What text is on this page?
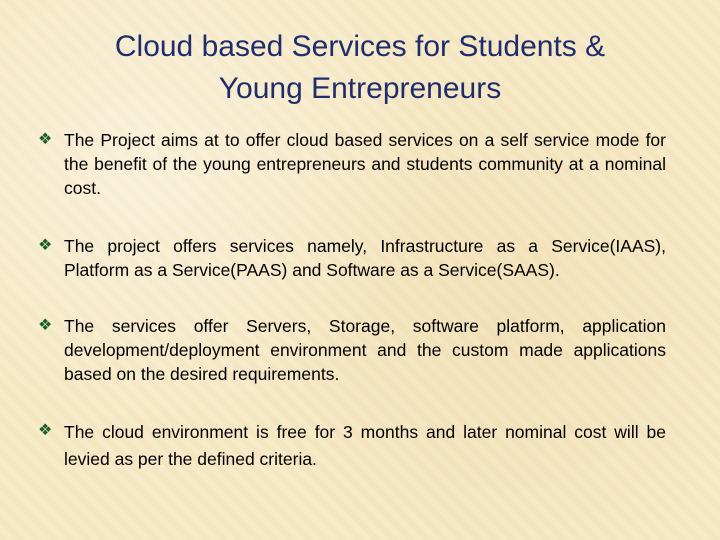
Cloud based Services for Students &
Young Entrepreneurs
❖ The Project aims at to offer cloud based services on a self service mode for the benefit of the young entrepreneurs and students community at a nominal cost.
❖ The project offers services namely, Infrastructure as a Service(IAAS), Platform as a Service(PAAS) and Software as a Service(SAAS).
❖ The services offer Servers, Storage, software platform, application development/deployment environment and the custom made applications based on the desired requirements.
❖ The cloud environment is free for 3 months and later nominal cost will be levied as per the defined criteria.
